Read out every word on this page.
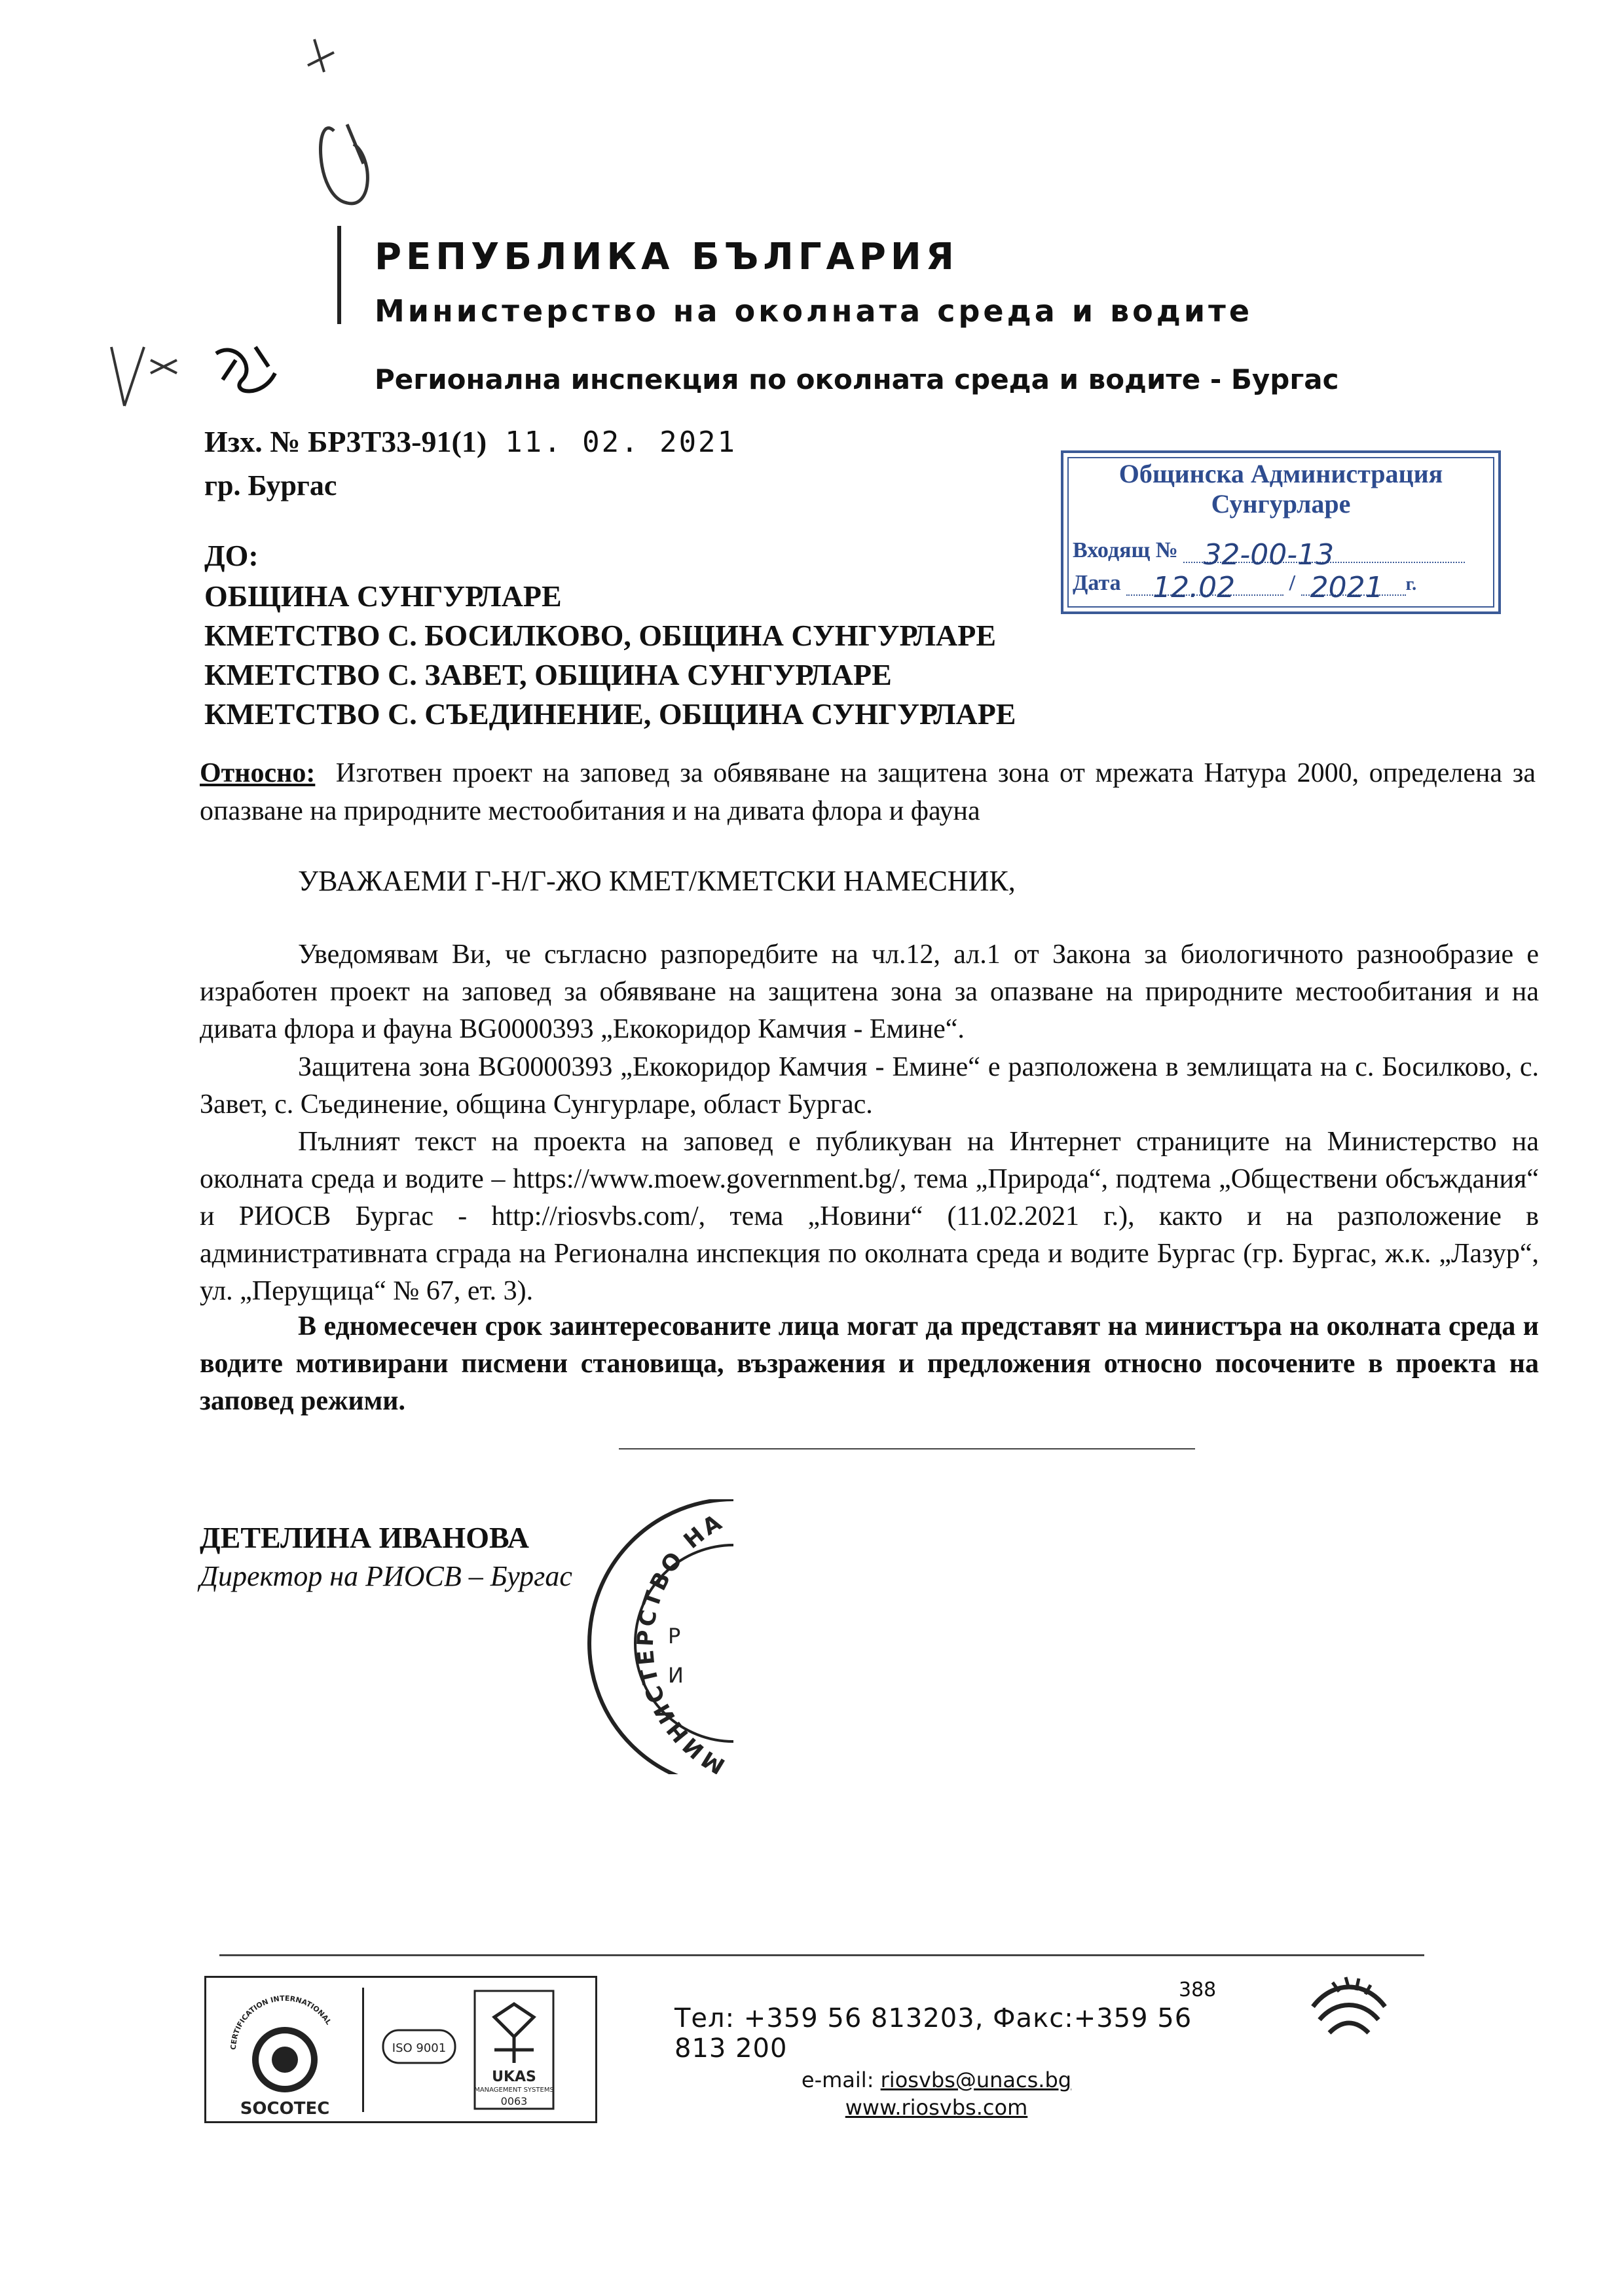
РЕПУБЛИКА БЪЛГАРИЯ
Министерство на околната среда и водите
Регионална инспекция по околната среда и водите - Бургас
Изх. № БР3Т33-91(1) 11. 02. 2021
гр. Бургас	Общинска Администрация
Сунгурларе
Входящ № 32-00-13
Дата 12.02 / 2021 г.
ДО:
ОБЩИНА СУНГУРЛАРЕ
КМЕТСТВО С. БОСИЛКОВО, ОБЩИНА СУНГУРЛАРЕ
КМЕТСТВО С. ЗАВЕТ, ОБЩИНА СУНГУРЛАРЕ
КМЕТСТВО С. СЪЕДИНЕНИЕ, ОБЩИНА СУНГУРЛАРЕ
Относно: Изготвен проект на заповед за обявяване на защитена зона от мрежата Натура 2000, определена за опазване на природните местообитания и на дивата флора и фауна
УВАЖАЕМИ Г-Н/Г-ЖО КМЕТ/КМЕТСКИ НАМЕСНИК,
Уведомявам Ви, че съгласно разпоредбите на чл.12, ал.1 от Закона за биологичното разнообразие е изработен проект на заповед за обявяване на защитена зона за опазване на природните местообитания и на дивата флора и фауна BG0000393 „Екокоридор Камчия - Емине“.
Защитена зона BG0000393 „Екокоридор Камчия - Емине“ е разположена в землищата на с. Босилково, с. Завет, с. Съединение, община Сунгурларе, област Бургас.
Пълният текст на проекта на заповед е публикуван на Интернет страниците на Министерство на околната среда и водите – https://www.moew.government.bg/, тема „Природа“, подтема „Обществени обсъждания“ и РИОСВ Бургас - http://riosvbs.com/, тема „Новини“ (11.02.2021 г.), както и на разположение в административната сграда на Регионална инспекция по околната среда и водите Бургас (гр. Бургас, ж.к. „Лазур“, ул. „Перущица“ № 67, ет. 3).
В едномесечен срок заинтересованите лица могат да представят на министъра на околната среда и водите мотивирани писмени становища, възражения и предложения относно посочените в проекта на заповед режими.
ДЕТЕЛИНА ИВАНОВА
Директор на РИОСВ – Бургас
МИНИСТЕРСТВО НА
Р
И
CERTIFICATION INTERNATIONAL
SOCOTEC
ISO 9001
UKAS
MANAGEMENT SYSTEMS
0063
388
Тел: +359 56 813203, Факс:+359 56 813 200
e-mail: riosvbs@unacs.bg
www.riosvbs.com
